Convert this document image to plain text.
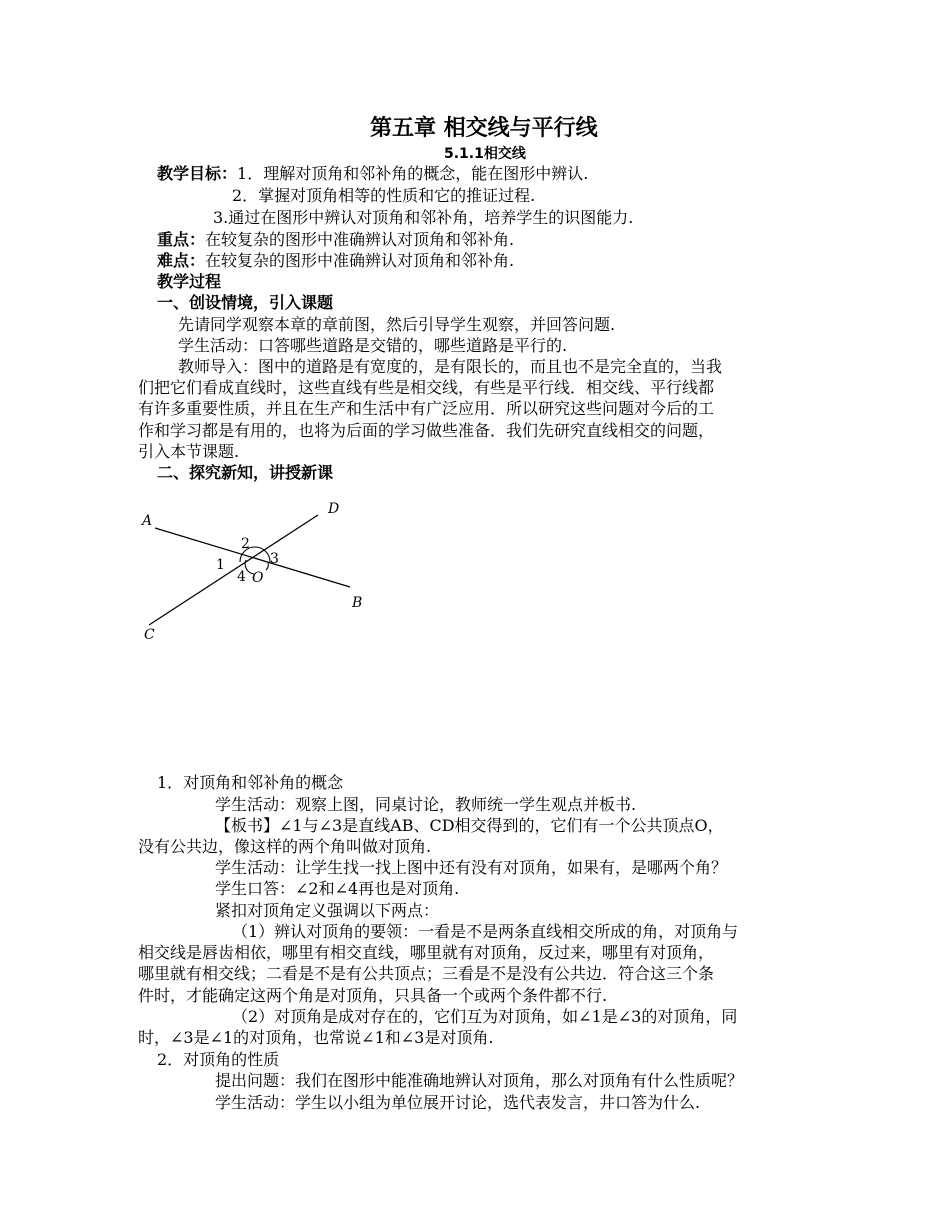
第五章 相交线与平行线
5.1.1相交线
教学目标：1．理解对顶角和邻补角的概念，能在图形中辨认.
2．掌握对顶角相等的性质和它的推证过程.
3.通过在图形中辨认对顶角和邻补角，培养学生的识图能力.
重点：在较复杂的图形中准确辨认对顶角和邻补角.
难点：在较复杂的图形中准确辨认对顶角和邻补角.
教学过程
一、创设情境，引入课题
先请同学观察本章的章前图，然后引导学生观察，并回答问题.
学生活动：口答哪些道路是交错的，哪些道路是平行的.
教师导入：图中的道路是有宽度的，是有限长的，而且也不是完全直的，当我
们把它们看成直线时，这些直线有些是相交线，有些是平行线．相交线、平行线都
有许多重要性质，并且在生产和生活中有广泛应用．所以研究这些问题对今后的工
作和学习都是有用的，也将为后面的学习做些准备．我们先研究直线相交的问题，
引入本节课题.
二、探究新知，讲授新课
A
D
B
C
O
2
1	3
4
1．对顶角和邻补角的概念
学生活动：观察上图，同桌讨论，教师统一学生观点并板书.
【板书】∠1与∠3是直线AB、CD相交得到的，它们有一个公共顶点O，
没有公共边，像这样的两个角叫做对顶角.
学生活动：让学生找一找上图中还有没有对顶角，如果有，是哪两个角？
学生口答：∠2和∠4再也是对顶角.
紧扣对顶角定义强调以下两点：
（1）辨认对顶角的要领：一看是不是两条直线相交所成的角，对顶角与
相交线是唇齿相依，哪里有相交直线，哪里就有对顶角，反过来，哪里有对顶角，
哪里就有相交线；二看是不是有公共顶点；三看是不是没有公共边．符合这三个条
件时，才能确定这两个角是对顶角，只具备一个或两个条件都不行.
（2）对顶角是成对存在的，它们互为对顶角，如∠1是∠3的对顶角，同
时，∠3是∠1的对顶角，也常说∠1和∠3是对顶角.
2．对顶角的性质
提出问题：我们在图形中能准确地辨认对顶角，那么对顶角有什么性质呢？
学生活动：学生以小组为单位展开讨论，选代表发言，井口答为什么.
